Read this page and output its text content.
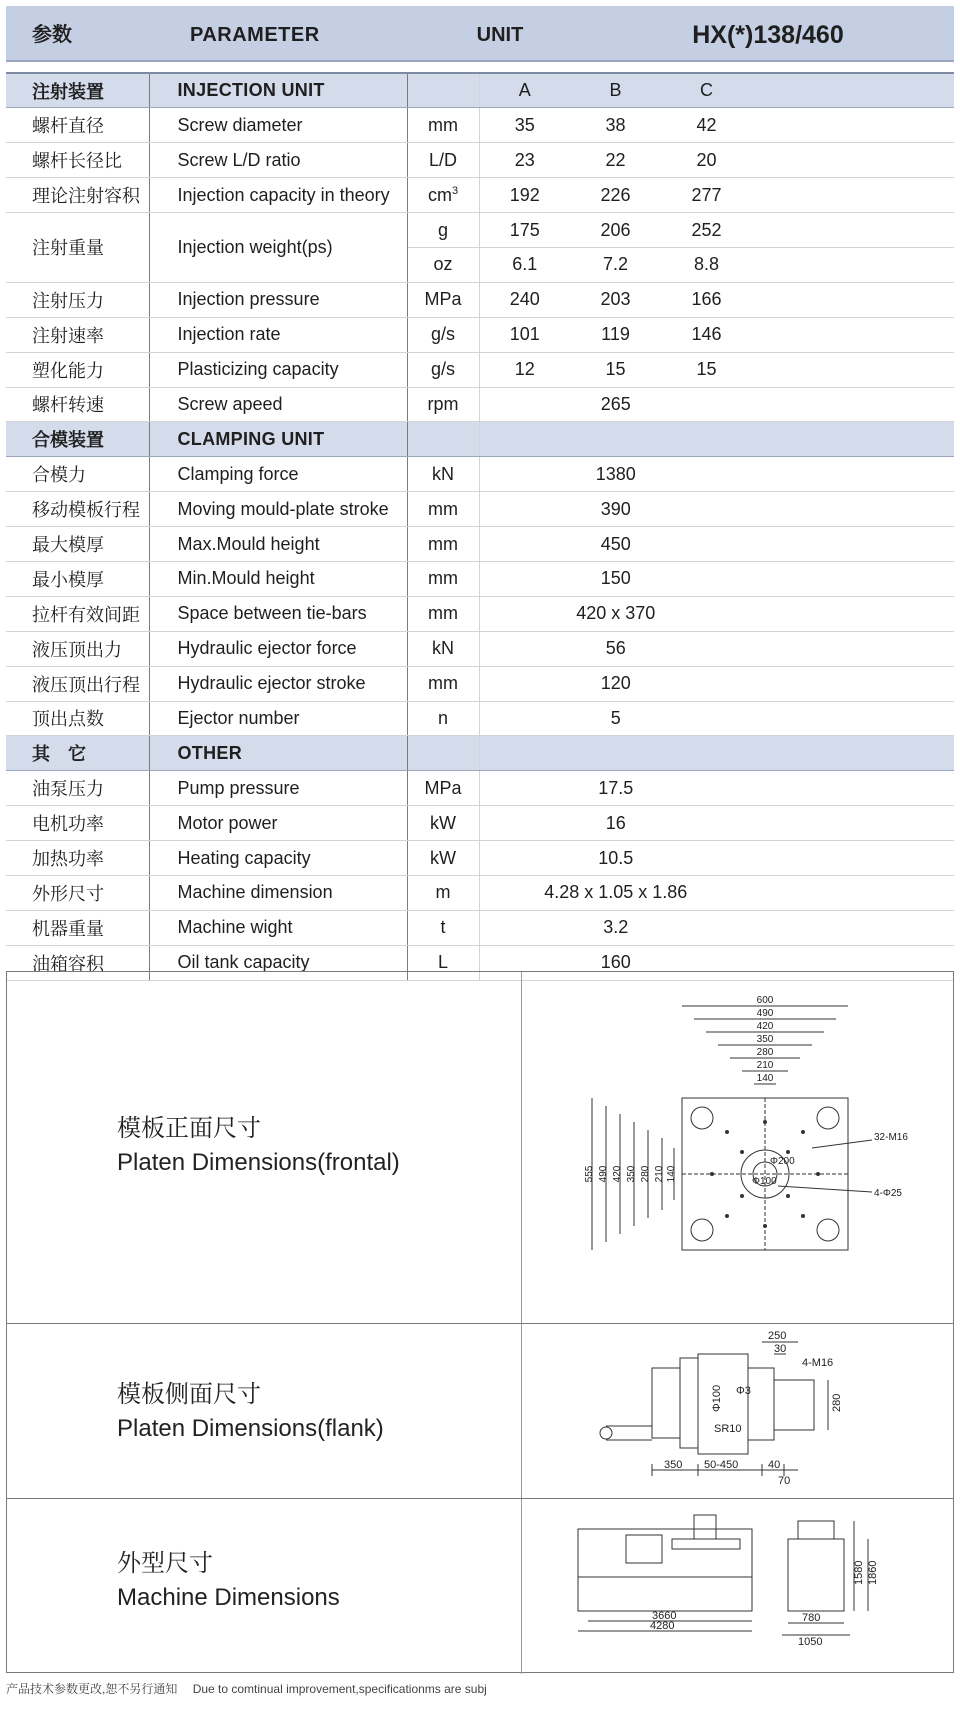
参数	PARAMETER	UNIT	HX(*)138/460
注射装置	INJECTION UNIT		A	B	C	
螺杆直径	Screw diameter	mm	35	38	42	
螺杆长径比	Screw L/D ratio	L/D	23	22	20	
理论注射容积	Injection capacity in theory	$cm^3$	192	226	277	
注射重量	Injection weight(ps)	g	175	206	252	
		oz	6.1	7.2	8.8	
注射压力	Injection pressure	MPa	240	203	166	
注射速率	Injection rate	g/s	101	119	146	
塑化能力	Plasticizing capacity	g/s	12	15	15	
螺杆转速	Screw apeed	rpm	265			
合模装置	CLAMPING UNIT					
合模力	Clamping force	kN	1380			
移动模板行程	Moving mould-plate stroke	mm	390			
最大模厚	Max.Mould height	mm	450			
最小模厚	Min.Mould height	mm	150			
拉杆有效间距	Space between tie-bars	mm	420 x 370			
液压顶出力	Hydraulic ejector force	kN	56			
液压顶出行程	Hydraulic ejector stroke	mm	120			
顶出点数	Ejector number	n	5			
其　它	OTHER					
油泵压力	Pump pressure	MPa	17.5			
电机功率	Motor power	kW	16			
加热功率	Heating capacity	kW	10.5			
外形尺寸	Machine dimension	m	4.28 x 1.05 x 1.86			
机器重量	Machine wight	t	3.2			
油箱容积	Oil tank capacity	L	160			
模板正面尺寸
Platen Dimensions(frontal)
600
490
420
350
280
210
140
555 490 420 350 280 210 140
32-M16
4-Φ25
Φ200
Φ100
模板侧面尺寸
Platen Dimensions(flank)
250
30
4-M16
Φ3
Φ100
SR10
280
350 50-450	40
70
外型尺寸
Machine Dimensions
3660
4280
1580 1860
780
1050
产品技术参数更改,恕不另行通知 Due to comtinual improvement,specificationms are subj
